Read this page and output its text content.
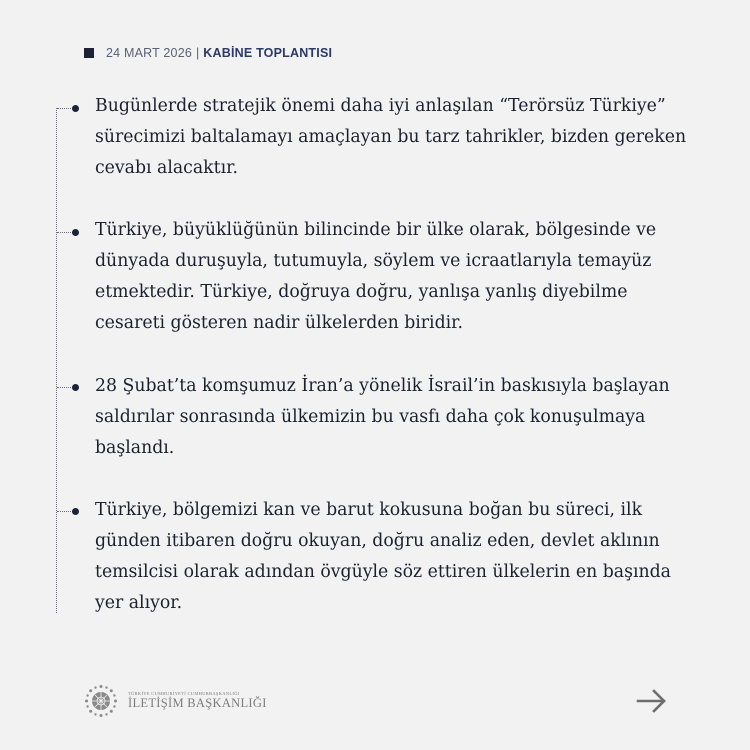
24 MART 2026 | KABİNE TOPLANTISI
Bugünlerde stratejik önemi daha iyi anlaşılan “Terörsüz Türkiye” sürecimizi baltalamayı amaçlayan bu tarz tahrikler, bizden gereken cevabı alacaktır.
Türkiye, büyüklüğünün bilincinde bir ülke olarak, bölgesinde ve dünyada duruşuyla, tutumuyla, söylem ve icraatlarıyla temayüz etmektedir. Türkiye, doğruya doğru, yanlışa yanlış diyebilme cesareti gösteren nadir ülkelerden biridir.
28 Şubat’ta komşumuz İran’a yönelik İsrail’in baskısıyla başlayan saldırılar sonrasında ülkemizin bu vasfı daha çok konuşulmaya başlandı.
Türkiye, bölgemizi kan ve barut kokusuna boğan bu süreci, ilk günden itibaren doğru okuyan, doğru analiz eden, devlet aklının temsilcisi olarak adından övgüyle söz ettiren ülkelerin en başında yer alıyor.
TÜRKİYE CUMHURİYETİ CUMHURBAŞKANLIĞI
İLETİŞİM BAŞKANLIĞI
